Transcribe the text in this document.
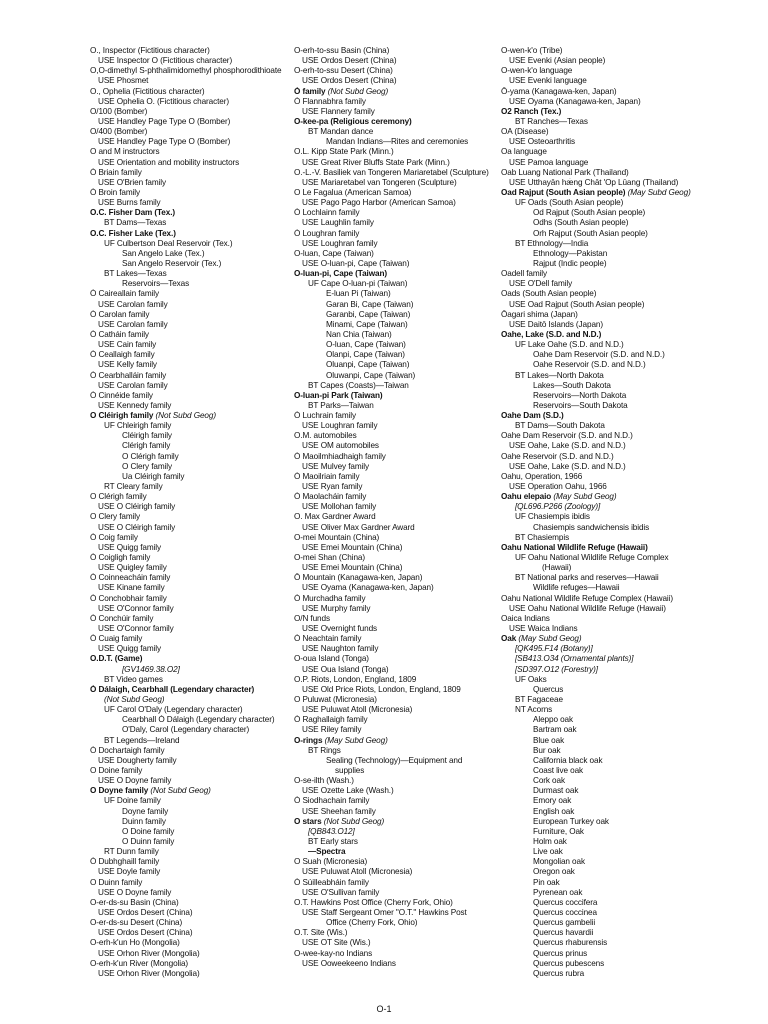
O., Inspector (Fictitious character)
USE Inspector O (Fictitious character)
O,O-dimethyl S-phthalimidomethyl phosphorodithioate
USE Phosmet
O., Ophelia (Fictitious character)
USE Ophelia O. (Fictitious character)
O/100 (Bomber)
USE Handley Page Type O (Bomber)
O/400 (Bomber)
USE Handley Page Type O (Bomber)
O and M instructors
USE Orientation and mobility instructors
Ó Briain family
USE O'Brien family
Ó Broin family
USE Burns family
O.C. Fisher Dam (Tex.)
BT Dams—Texas
O.C. Fisher Lake (Tex.)
UF Culbertson Deal Reservoir (Tex.)
San Angelo Lake (Tex.)
San Angelo Reservoir (Tex.)
BT Lakes—Texas
Reservoirs—Texas
Ó Caireallain family
USE Carolan family
Ó Carolan family
USE Carolan family
Ó Catháin family
USE Cain family
Ó Ceallaigh family
USE Kelly family
Ó Cearbhalláin family
USE Carolan family
Ó Cinnéide family
USE Kennedy family
O Cléirigh family (Not Subd Geog)
UF Chleirigh family
Cléirigh family
Clérigh family
O Clérigh family
O Clery family
Ua Cléirigh family
RT Cleary family
O Clérigh family
USE O Cléirigh family
O Clery family
USE O Cléirigh family
Ó Coig family
USE Quigg family
Ó Coigligh family
USE Quigley family
Ó Coinneacháin family
USE Kinane family
Ó Conchobhair family
USE O'Connor family
Ó Conchúir family
USE O'Connor family
Ó Cuaig family
USE Quigg family
O.D.T. (Game)
[GV1469.38.O2]
BT Video games
Ó Dálaigh, Cearbhall (Legendary character)
(Not Subd Geog)
UF Carol O'Daly (Legendary character)
Cearbhall Ó Dálaigh (Legendary character)
O'Daly, Carol (Legendary character)
BT Legends—Ireland
Ó Dochartaigh family
USE Dougherty family
O Doine family
USE O Doyne family
O Doyne family (Not Subd Geog)
UF Doine family
Doyne family
Duinn family
O Doine family
O Duinn family
RT Dunn family
Ó Dubhghaill family
USE Doyle family
O Duinn family
USE O Doyne family
O-er-ds-su Basin (China)
USE Ordos Desert (China)
O-er-ds-su Desert (China)
USE Ordos Desert (China)
O-erh-k'un Ho (Mongolia)
USE Orhon River (Mongolia)
O-erh-k'un River (Mongolia)
USE Orhon River (Mongolia)
O-erh-to-ssu Basin (China)
USE Ordos Desert (China)
O-erh-to-ssu Desert (China)
USE Ordos Desert (China)
Ó family (Not Subd Geog)
Ó Flannabhra family
USE Flannery family
O-kee-pa (Religious ceremony)
BT Mandan dance
Mandan Indians—Rites and ceremonies
O.L. Kipp State Park (Minn.)
USE Great River Bluffs State Park (Minn.)
O.-L.-V. Basiliek van Tongeren Mariaretabel (Sculpture)
USE Mariaretabel van Tongeren (Sculpture)
O Le Fagalua (American Samoa)
USE Pago Pago Harbor (American Samoa)
Ó Lochlainn family
USE Laughlin family
Ó Loughran family
USE Loughran family
O-luan, Cape (Taiwan)
USE O-luan-pi, Cape (Taiwan)
O-luan-pi, Cape (Taiwan)
UF Cape O-luan-pi (Taiwan)
E-luan Pi (Taiwan)
Garan Bi, Cape (Taiwan)
Garanbi, Cape (Taiwan)
Minami, Cape (Taiwan)
Nan Chia (Taiwan)
O-luan, Cape (Taiwan)
Olanpi, Cape (Taiwan)
Oluanpi, Cape (Taiwan)
Oluwanpi, Cape (Taiwan)
BT Capes (Coasts)—Taiwan
O-luan-pi Park (Taiwan)
BT Parks—Taiwan
Ó Luchrain family
USE Loughran family
O.M. automobiles
USE OM automobiles
Ó Maoilmhiadhaigh family
USE Mulvey family
Ó Maoilriain family
USE Ryan family
Ó Maolacháin family
USE Mollohan family
O. Max Gardner Award
USE Oliver Max Gardner Award
O-mei Mountain (China)
USE Emei Mountain (China)
O-mei Shan (China)
USE Emei Mountain (China)
Ō Mountain (Kanagawa-ken, Japan)
USE Oyama (Kanagawa-ken, Japan)
Ó Murchadha family
USE Murphy family
O/N funds
USE Overnight funds
Ó Neachtain family
USE Naughton family
O-oua Island (Tonga)
USE Oua Island (Tonga)
O.P. Riots, London, England, 1809
USE Old Price Riots, London, England, 1809
O Puluwat (Micronesia)
USE Puluwat Atoll (Micronesia)
Ó Raghallaigh family
USE Riley family
O-rings (May Subd Geog)
BT Rings
Sealing (Technology)—Equipment and
supplies
O-se-ilth (Wash.)
USE Ozette Lake (Wash.)
Ó Siodhachain family
USE Sheehan family
O stars (Not Subd Geog)
[QB843.O12]
BT Early stars
—Spectra
O Suah (Micronesia)
USE Puluwat Atoll (Micronesia)
Ó Súilleabháin family
USE O'Sullivan family
O.T. Hawkins Post Office (Cherry Fork, Ohio)
USE Staff Sergeant Omer "O.T." Hawkins Post
Office (Cherry Fork, Ohio)
O.T. Site (Wis.)
USE OT Site (Wis.)
O-wee-kay-no Indians
USE Ooweekeeno Indians
O-wen-k'o (Tribe)
USE Evenki (Asian people)
O-wen-k'o language
USE Evenki language
Ō-yama (Kanagawa-ken, Japan)
USE Oyama (Kanagawa-ken, Japan)
O2 Ranch (Tex.)
BT Ranches—Texas
OA (Disease)
USE Osteoarthritis
Oa language
USE Pamoa language
Oab Luang National Park (Thailand)
USE Utthayān hæ̀ng Chāt 'Op Lūang (Thailand)
Oad Rajput (South Asian people) (May Subd Geog)
UF Oads (South Asian people)
Od Rajput (South Asian people)
Odhs (South Asian people)
Orh Rajput (South Asian people)
BT Ethnology—India
Ethnology—Pakistan
Rajput (Indic people)
Oadell family
USE O'Dell family
Oads (South Asian people)
USE Oad Rajput (South Asian people)
Ōagari shima (Japan)
USE Daitō Islands (Japan)
Oahe, Lake (S.D. and N.D.)
UF Lake Oahe (S.D. and N.D.)
Oahe Dam Reservoir (S.D. and N.D.)
Oahe Reservoir (S.D. and N.D.)
BT Lakes—North Dakota
Lakes—South Dakota
Reservoirs—North Dakota
Reservoirs—South Dakota
Oahe Dam (S.D.)
BT Dams—South Dakota
Oahe Dam Reservoir (S.D. and N.D.)
USE Oahe, Lake (S.D. and N.D.)
Oahe Reservoir (S.D. and N.D.)
USE Oahe, Lake (S.D. and N.D.)
Oahu, Operation, 1966
USE Operation Oahu, 1966
Oahu elepaio (May Subd Geog)
[QL696.P266 (Zoology)]
UF Chasiempis ibidis
Chasiempis sandwichensis ibidis
BT Chasiempis
Oahu National Wildlife Refuge (Hawaii)
UF Oahu National Wildlife Refuge Complex
(Hawaii)
BT National parks and reserves—Hawaii
Wildlife refuges—Hawaii
Oahu National Wildlife Refuge Complex (Hawaii)
USE Oahu National Wildlife Refuge (Hawaii)
Oaica Indians
USE Waica Indians
Oak (May Subd Geog)
[QK495.F14 (Botany)]
[SB413.O34 (Ornamental plants)]
[SD397.O12 (Forestry)]
UF Oaks
Quercus
BT Fagaceae
NT Acorns
Aleppo oak
Bartram oak
Blue oak
Bur oak
California black oak
Coast live oak
Cork oak
Durmast oak
Emory oak
English oak
European Turkey oak
Furniture, Oak
Holm oak
Live oak
Mongolian oak
Oregon oak
Pin oak
Pyrenean oak
Quercus coccifera
Quercus coccinea
Quercus gambelii
Quercus havardii
Quercus rhaburensis
Quercus prinus
Quercus pubescens
Quercus rubra
O-1
